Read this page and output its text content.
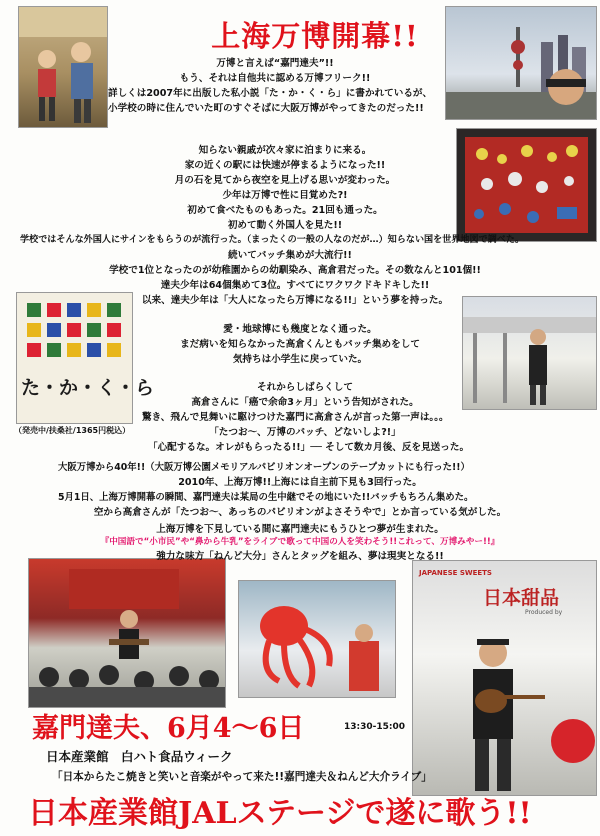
た・か・く・ら
（発売中/扶桑社/1365円税込）
JAPANESE SWEETS
日本甜品
Produced by
上海万博開幕!!
万博と言えば“嘉門達夫”!!
もう、それは自他共に認める万博フリーク!!
詳しくは2007年に出版した私小説「た・か・く・ら」に書かれているが、
小学校の時に住んでいた町のすぐそばに大阪万博がやってきたのだった!!
知らない親戚が次々家に泊まりに来る。
家の近くの駅には快速が停まるようになった!!
月の石を見てから夜空を見上げる思いが変わった。
少年は万博で性に目覚めた?!
初めて食べたものもあった。21回も通った。
初めて動く外国人を見た!!
学校ではそんな外国人にサインをもらうのが流行った。（まったくの一般の人なのだが…）知らない国を世界地図で調べた。
続いてバッチ集めが大流行!!
学校で1位となったのが幼稚園からの幼馴染み、高倉君だった。その数なんと101個!!
達夫少年は64個集めて3位。すべてにワクワクドキドキした!!
以来、達夫少年は「大人になったら万博になる!!」という夢を持った。
愛・地球博にも幾度となく通った。
まだ病いを知らなかった高倉くんともバッチ集めをして
気持ちは小学生に戻っていた。
それからしばらくして
高倉さんに「癌で余命3ヶ月」という告知がされた。
驚き、飛んで見舞いに駆けつけた嘉門に高倉さんが言った第一声は。。。
「たつお～、万博のバッチ、どないしよ?!」
「心配するな。オレがもらったる!!」── そして数カ月後、反を見送った。
大阪万博から40年!!（大阪万博公園メモリアルパビリオンオープンのテープカットにも行った!!）
2010年、上海万博!!上海には自主前下見も3回行った。
5月1日、上海万博開幕の瞬間、嘉門達夫は某局の生中継でその地にいた!!バッチもちろん集めた。
空から高倉さんが「たつお～、あっちのパビリオンがよさそうやで」とか言っている気がした。
上海万博を下見している間に嘉門達夫にもうひとつ夢が生まれた。
『中国語で“小市民”や“鼻から牛乳”をライブで歌って中国の人を笑わそう!!これって、万博みやー!!』
強力な味方「ねんど大分」さんとタッグを組み、夢は現実となる!!
嘉門達夫、6月4～6日	13:30-15:00
日本産業館　白ハト食品ウィーク
「日本からたこ焼きと笑いと音楽がやって来た!!嘉門達夫＆ねんど大介ライブ」
日本産業館JALステージで遂に歌う!!
